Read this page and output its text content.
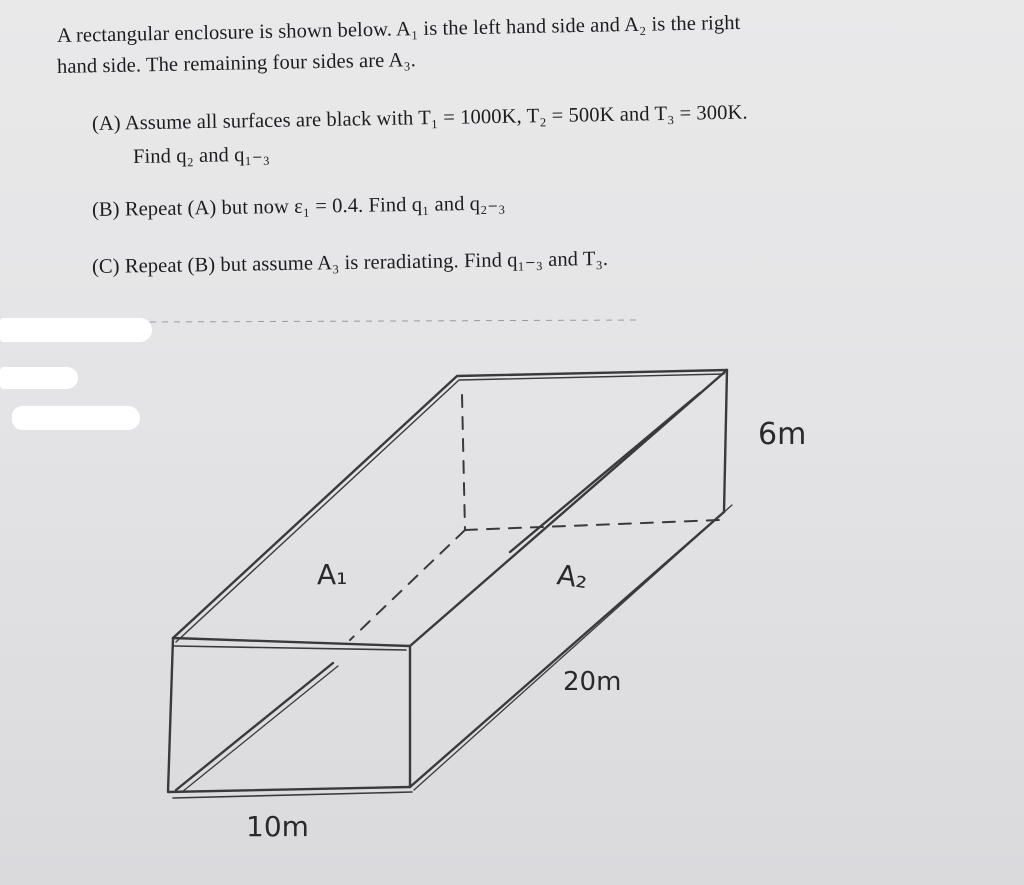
A rectangular enclosure is shown below. A₁ is the left hand side and A₂ is the right
hand side. The remaining four sides are A₃.
(A) Assume all surfaces are black with T₁ = 1000K, T₂ = 500K and T₃ = 300K.
Find q₂ and q₁₋₃
(B) Repeat (A) but now ε₁ = 0.4. Find q₁ and q₂₋₃
(C) Repeat (B) but assume A₃ is reradiating. Find q₁₋₃ and T₃.
A₁	A₂
6m
20m
10m
